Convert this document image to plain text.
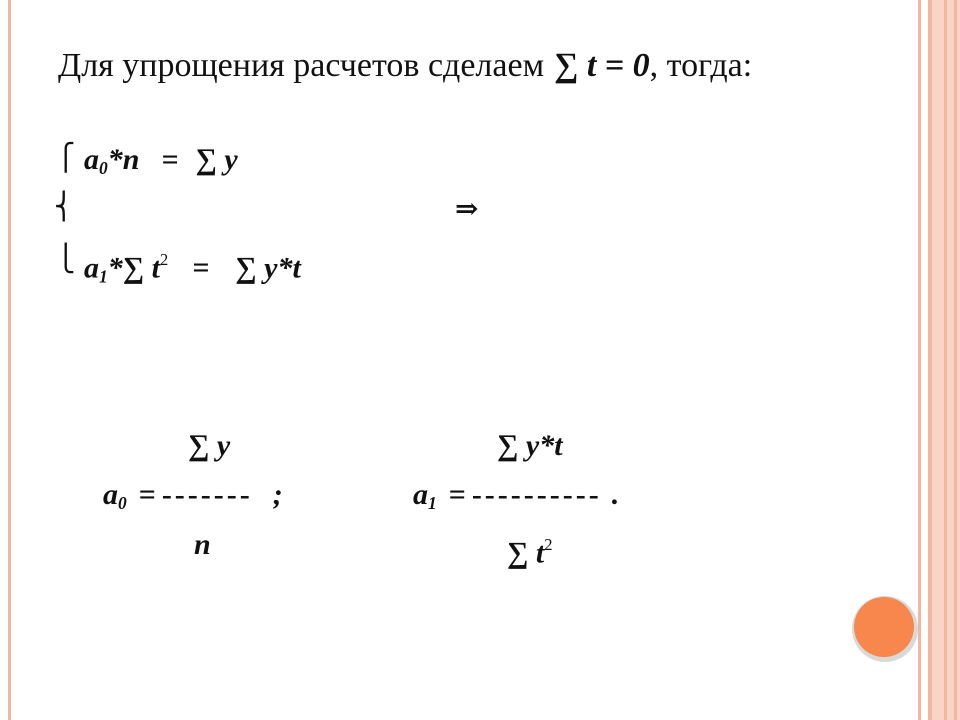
Для упрощения расчетов сделаем ∑ t = 0, тогда:

⎧
⎨
⎩
$a_0*n$ = ∑ y
⇒
$a_1*\sum$ $t^2$ = ∑ y*t
∑ y
$a_0$ = ------- ;
n
∑ y*t
$a_1$ = ---------- .
∑ $t^2$
